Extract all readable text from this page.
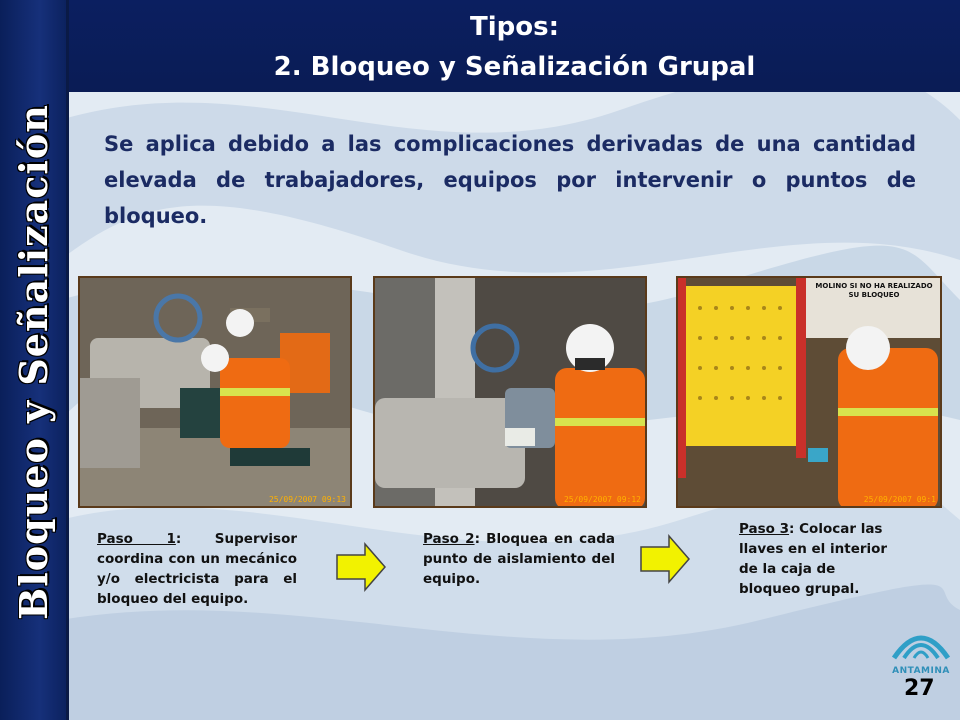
Bloqueo y Señalización
Tipos:
2. Bloqueo y Señalización Grupal
Se aplica debido a las complicaciones derivadas de una cantidad elevada de trabajadores, equipos por intervenir o puntos de bloqueo.
25/09/2007 09:13	25/09/2007 09:12
MOLINO SI NO HA REALIZADO SU BLOQUEO
25/09/2007 09:1
Paso 1: Supervisor coordina con un mecánico y/o electricista para el bloqueo del equipo.
Paso 2: Bloquea en cada punto de aislamiento del equipo.
Paso 3: Colocar las llaves en el interior de la caja de bloqueo grupal.
ANTAMINA
27
